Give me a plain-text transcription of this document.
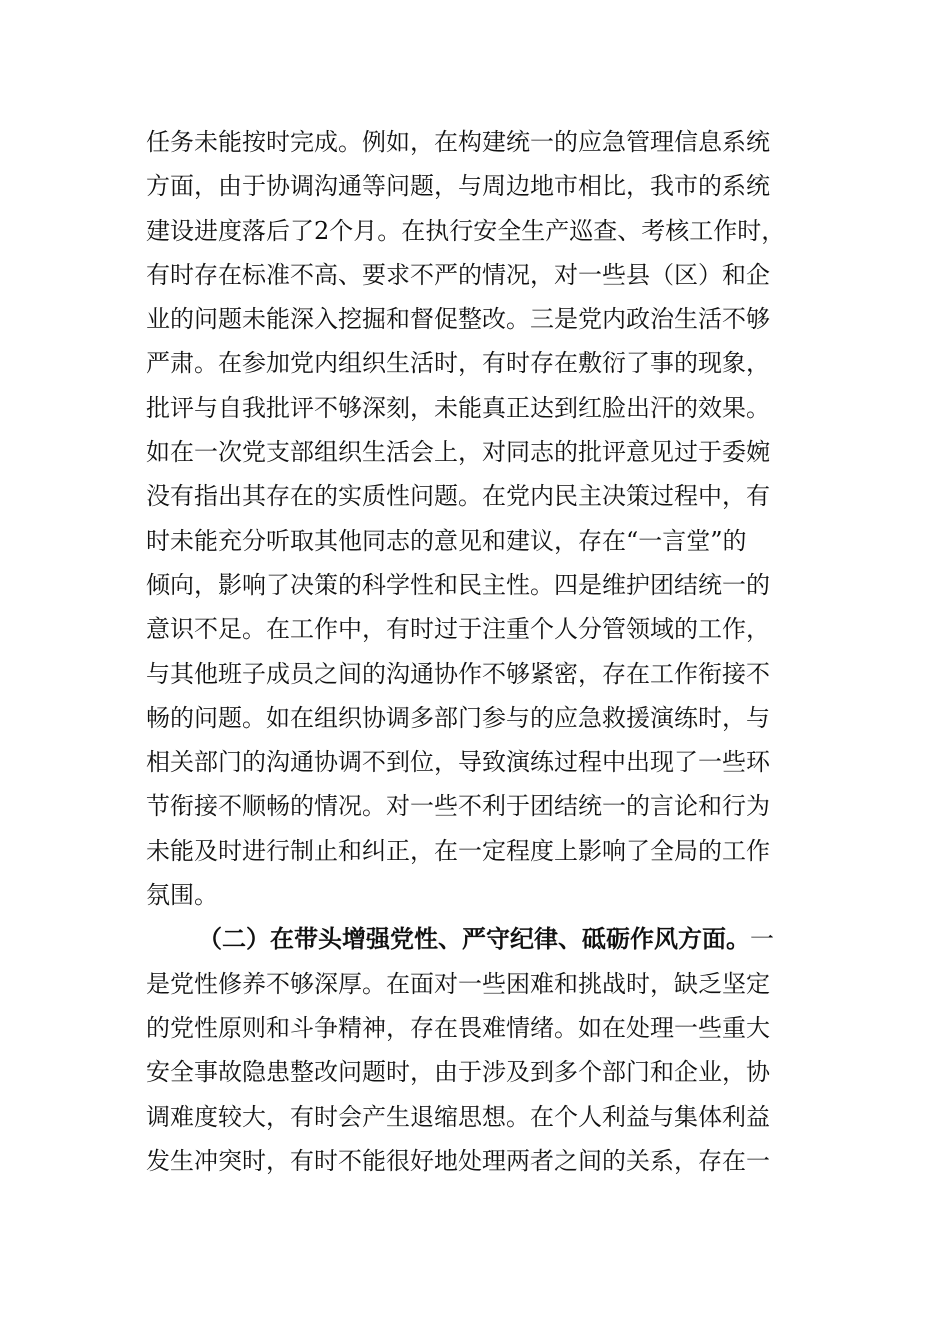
任务未能按时完成。例如，在构建统一的应急管理信息系统
方面，由于协调沟通等问题，与周边地市相比，我市的系统
建设进度落后了2个月。在执行安全生产巡查、考核工作时，
有时存在标准不高、要求不严的情况，对一些县（区）和企
业的问题未能深入挖掘和督促整改。三是党内政治生活不够
严肃。在参加党内组织生活时，有时存在敷衍了事的现象，
批评与自我批评不够深刻，未能真正达到红脸出汗的效果。
如在一次党支部组织生活会上，对同志的批评意见过于委婉
没有指出其存在的实质性问题。在党内民主决策过程中，有
时未能充分听取其他同志的意见和建议，存在“一言堂”的
倾向，影响了决策的科学性和民主性。四是维护团结统一的
意识不足。在工作中，有时过于注重个人分管领域的工作，
与其他班子成员之间的沟通协作不够紧密，存在工作衔接不
畅的问题。如在组织协调多部门参与的应急救援演练时，与
相关部门的沟通协调不到位，导致演练过程中出现了一些环
节衔接不顺畅的情况。对一些不利于团结统一的言论和行为
未能及时进行制止和纠正，在一定程度上影响了全局的工作
氛围。
（二）在带头增强党性、严守纪律、砥砺作风方面。一
是党性修养不够深厚。在面对一些困难和挑战时，缺乏坚定
的党性原则和斗争精神，存在畏难情绪。如在处理一些重大
安全事故隐患整改问题时，由于涉及到多个部门和企业，协
调难度较大，有时会产生退缩思想。在个人利益与集体利益
发生冲突时，有时不能很好地处理两者之间的关系，存在一
